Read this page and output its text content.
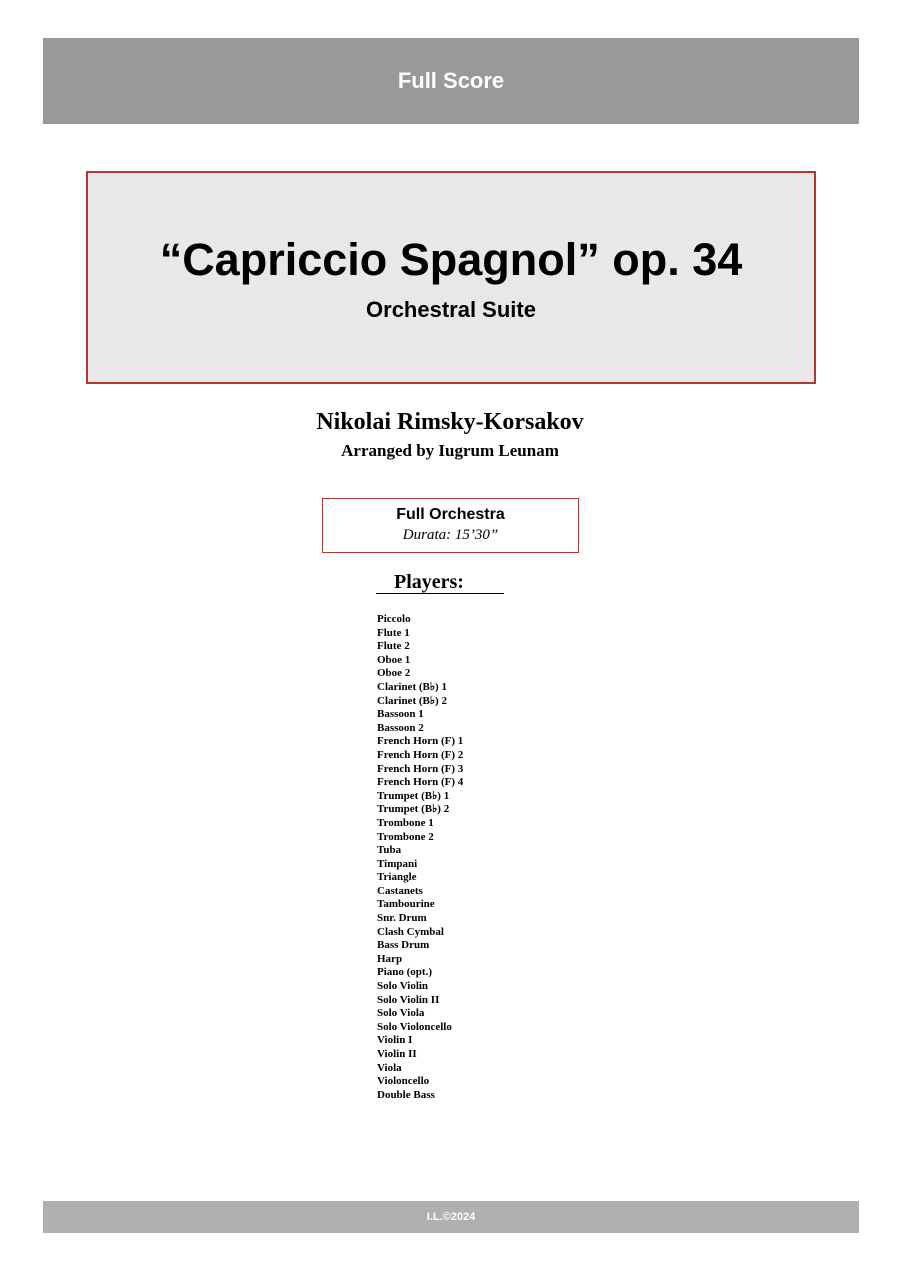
Full Score
“Capriccio Spagnol” op. 34
Orchestral Suite
Nikolai Rimsky-Korsakov
Arranged by Iugrum Leunam
Full Orchestra
Durata: 15’30”
Players:
Piccolo
Flute 1
Flute 2
Oboe 1
Oboe 2
Clarinet (B♭) 1
Clarinet (B♭) 2
Bassoon 1
Bassoon 2
French Horn (F) 1
French Horn (F) 2
French Horn (F) 3
French Horn (F) 4
Trumpet (B♭) 1
Trumpet (B♭) 2
Trombone 1
Trombone 2
Tuba
Timpani
Triangle
Castanets
Tambourine
Snr. Drum
Clash Cymbal
Bass Drum
Harp
Piano (opt.)
Solo Violin
Solo Violin II
Solo Viola
Solo Violoncello
Violin I
Violin II
Viola
Violoncello
Double Bass
I.L.©2024
